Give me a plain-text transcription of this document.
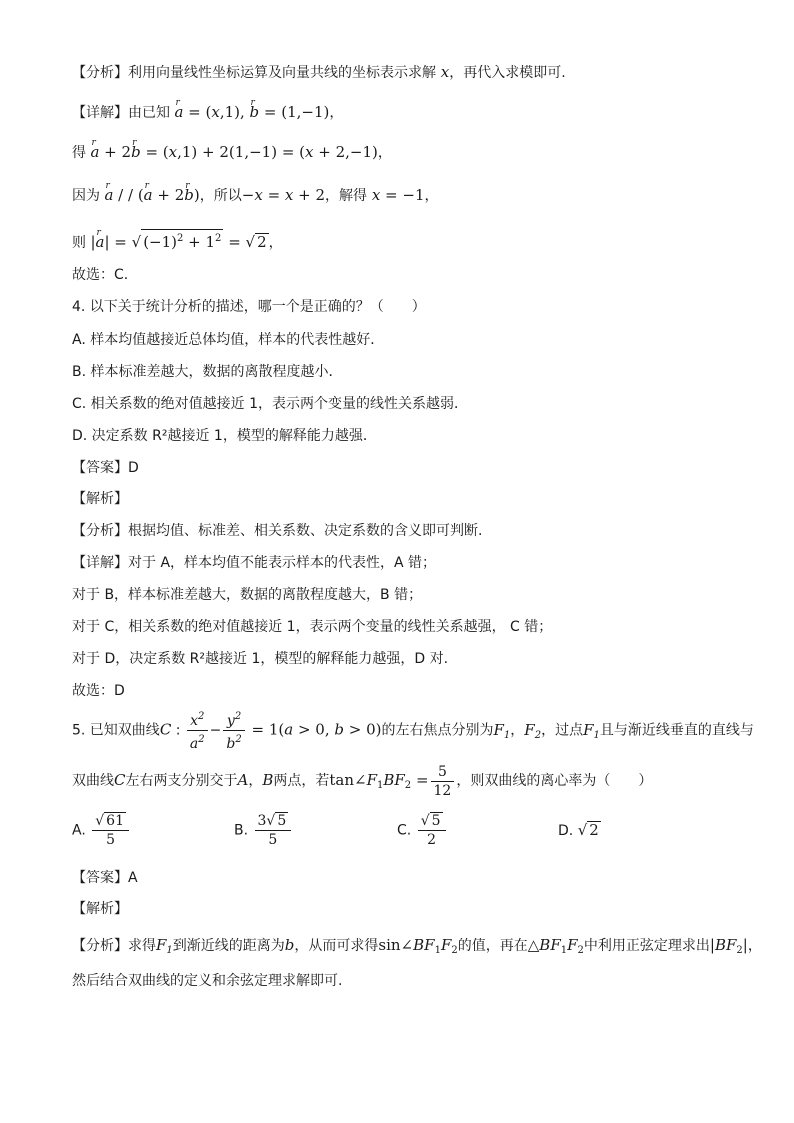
【分析】利用向量线性坐标运算及向量共线的坐标表示求解 x，再代入求模即可.
【详解】由已知 r a = (x,1), r b = (1,−1)，
得 r a + 2r b = (x,1) + 2(1,−1) = (x + 2,−1)，
因为 r a / / (r a + 2r b)，所以−x = x + 2，解得 x = −1，
则 |r a| = √ $(-1)^2 + 1^2$ = √ 2 ，
故选：C.
4. 以下关于统计分析的描述，哪一个是正确的？（　　）
A. 样本均值越接近总体均值，样本的代表性越好．
B. 样本标准差越大，数据的离散程度越小．
C. 相关系数的绝对值越接近 1，表示两个变量的线性关系越弱．
D. 决定系数 R²越接近 1，模型的解释能力越强．
【答案】D
【解析】
【分析】根据均值、标准差、相关系数、决定系数的含义即可判断.
【详解】对于 A，样本均值不能表示样本的代表性，A 错；
对于 B，样本标准差越大，数据的离散程度越大，B 错；
对于 C，相关系数的绝对值越接近 1，表示两个变量的线性关系越强， C 错；
对于 D，决定系数 R²越接近 1，模型的解释能力越强，D 对.
故选：D
5. 已知双曲线C : $\frac{x^2}{a^2} - \frac{y^2}{b^2} = 1(a > 0$, b > 0)的左右焦点分别为$F_1$，$F_2$，过点$F_1$且与渐近线垂直的直线与
双曲线C左右两支分别交于A，B两点，若$\tan\angle F_1BF_2 = \frac{5}{12}$ ，则双曲线的离心率为（　　）
A. $\frac{√ 61}{5}$	B. $\frac{3√ 5}{5}$	C. $\frac{√ 5}{2}$	D. √ 2
【答案】A
【解析】
【分析】求得$F_1$到渐近线的距离为b，从而可求得$\sin\angle BF_1F_2$的值，再在$\triangle BF_1F_2$中利用正弦定理求出$|BF_2|$，
然后结合双曲线的定义和余弦定理求解即可.
